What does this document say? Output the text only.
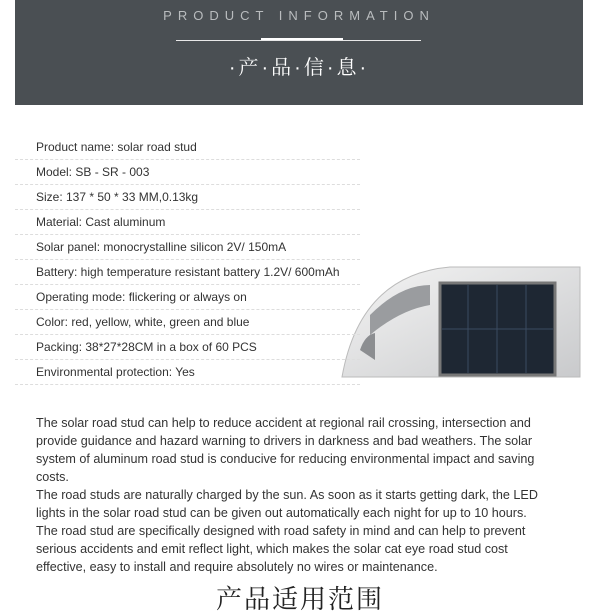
PRODUCT INFORMATION
·产·品·信·息·
Product name: solar road stud
Model: SB - SR - 003
Size: 137 * 50 * 33 MM,0.13kg
Material: Cast aluminum
Solar panel: monocrystalline silicon 2V/ 150mA
Battery: high temperature resistant battery 1.2V/ 600mAh
Operating mode: flickering or always on
Color: red, yellow, white, green and blue
Packing: 38*27*28CM in a box of 60 PCS
Environmental protection: Yes
The solar road stud can help to reduce accident at regional rail crossing, intersection and
provide guidance and hazard warning to drivers in darkness and bad weathers. The solar
system of aluminum road stud is conducive for reducing environmental impact and saving
costs.
The road studs are naturally charged by the sun. As soon as it starts getting dark, the LED
lights in the solar road stud can be given out automatically each night for up to 10 hours.
The road stud are specifically designed with road safety in mind and can help to prevent
serious accidents and emit reflect light, which makes the solar cat eye road stud cost
effective, easy to install and require absolutely no wires or maintenance.
产品适用范围
